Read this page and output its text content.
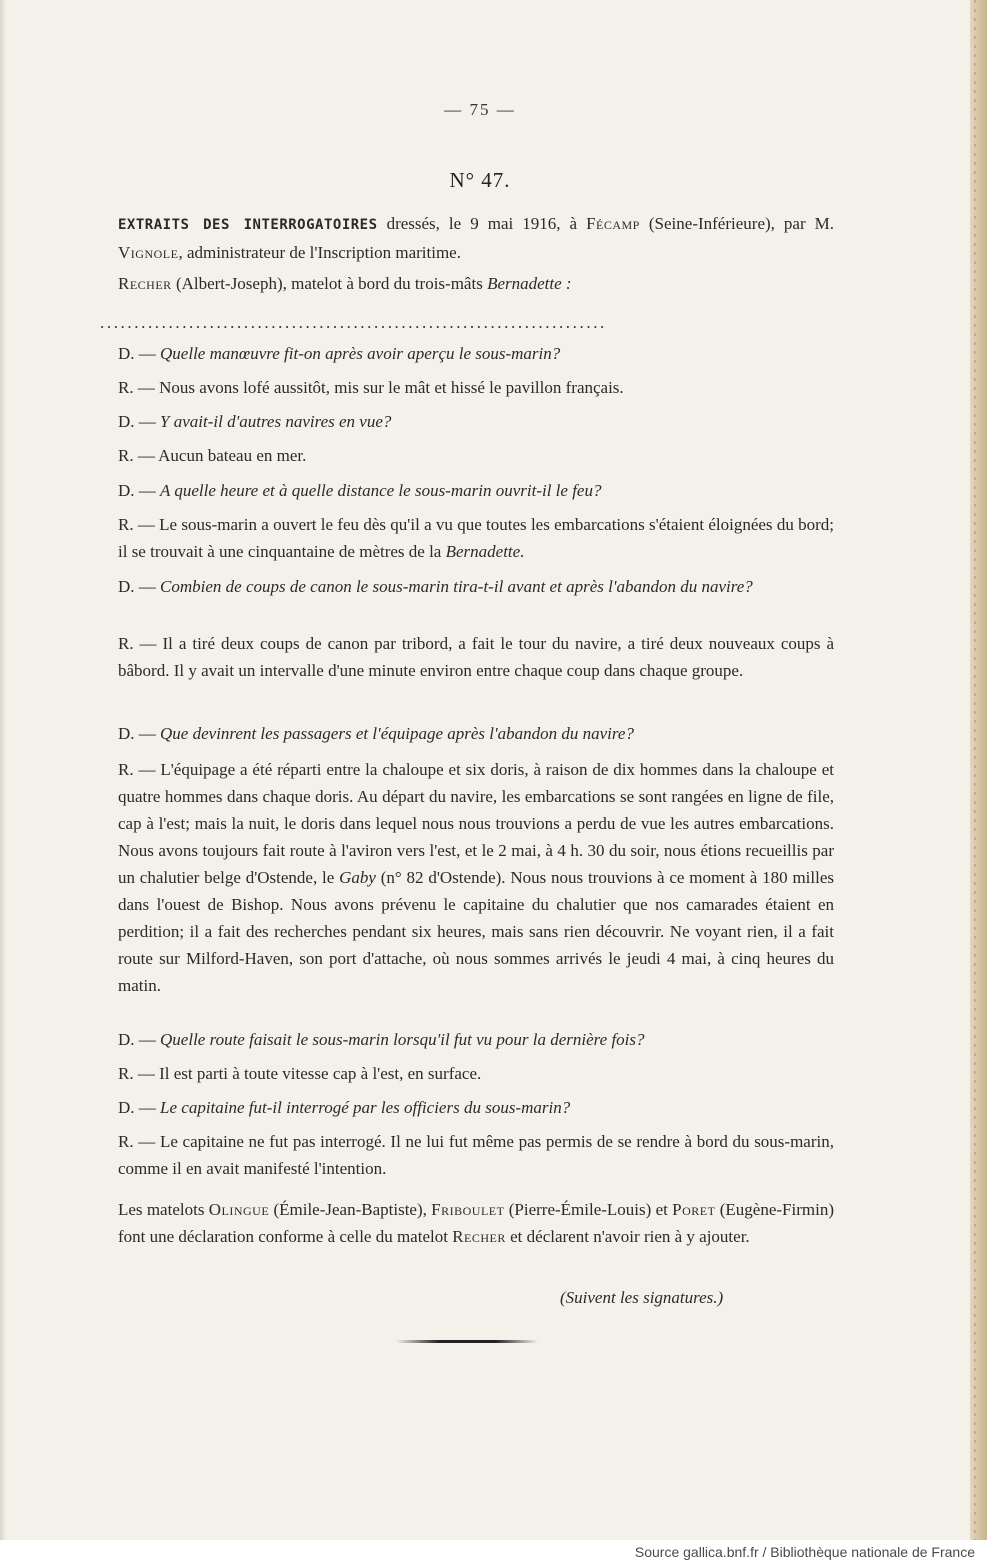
— 75 —
N° 47.
EXTRAITS DES INTERROGATOIRES dressés, le 9 mai 1916, à Fécamp (Seine-Inférieure), par M. Vignole, administrateur de l'Inscription maritime.
Recher (Albert-Joseph), matelot à bord du trois-mâts Bernadette :
..........................................................................
D. — Quelle manœuvre fit-on après avoir aperçu le sous-marin?
R. — Nous avons lofé aussitôt, mis sur le mât et hissé le pavillon français.
D. — Y avait-il d'autres navires en vue?
R. — Aucun bateau en mer.
D. — A quelle heure et à quelle distance le sous-marin ouvrit-il le feu?
R. — Le sous-marin a ouvert le feu dès qu'il a vu que toutes les embarcations s'étaient éloignées du bord; il se trouvait à une cinquantaine de mètres de la Bernadette.
D. — Combien de coups de canon le sous-marin tira-t-il avant et après l'abandon du navire?
R. — Il a tiré deux coups de canon par tribord, a fait le tour du navire, a tiré deux nouveaux coups à bâbord. Il y avait un intervalle d'une minute environ entre chaque coup dans chaque groupe.
D. — Que devinrent les passagers et l'équipage après l'abandon du navire?
R. — L'équipage a été réparti entre la chaloupe et six doris, à raison de dix hommes dans la chaloupe et quatre hommes dans chaque doris. Au départ du navire, les embarcations se sont rangées en ligne de file, cap à l'est; mais la nuit, le doris dans lequel nous nous trouvions a perdu de vue les autres embarcations. Nous avons toujours fait route à l'aviron vers l'est, et le 2 mai, à 4 h. 30 du soir, nous étions recueillis par un chalutier belge d'Ostende, le Gaby (n° 82 d'Ostende). Nous nous trouvions à ce moment à 180 milles dans l'ouest de Bishop. Nous avons prévenu le capitaine du chalutier que nos camarades étaient en perdition; il a fait des recherches pendant six heures, mais sans rien découvrir. Ne voyant rien, il a fait route sur Milford-Haven, son port d'attache, où nous sommes arrivés le jeudi 4 mai, à cinq heures du matin.
D. — Quelle route faisait le sous-marin lorsqu'il fut vu pour la dernière fois?
R. — Il est parti à toute vitesse cap à l'est, en surface.
D. — Le capitaine fut-il interrogé par les officiers du sous-marin?
R. — Le capitaine ne fut pas interrogé. Il ne lui fut même pas permis de se rendre à bord du sous-marin, comme il en avait manifesté l'intention.
Les matelots Olingue (Émile-Jean-Baptiste), Friboulet (Pierre-Émile-Louis) et Poret (Eugène-Firmin) font une déclaration conforme à celle du matelot Recher et déclarent n'avoir rien à y ajouter.
(Suivent les signatures.)
Source gallica.bnf.fr / Bibliothèque nationale de France
